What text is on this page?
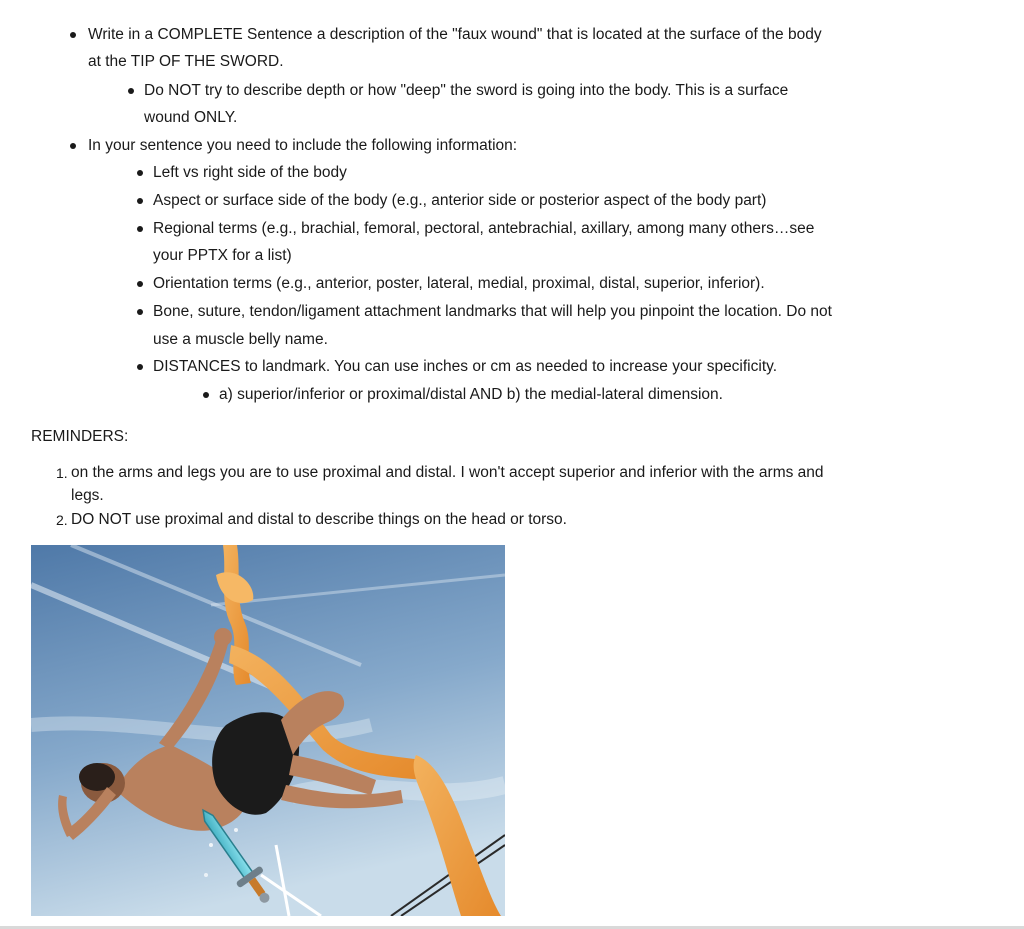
Write in a COMPLETE Sentence a description of the "faux wound" that is located at the surface of the body
at the TIP OF THE SWORD.
Do NOT try to describe depth or how "deep" the sword is going into the body. This is a surface
wound ONLY.
In your sentence you need to include the following information:
Left vs right side of the body
Aspect or surface side of the body (e.g., anterior side or posterior aspect of the body part)
Regional terms (e.g., brachial, femoral, pectoral, antebrachial, axillary, among many others…see
your PPTX for a list)
Orientation terms (e.g., anterior, poster, lateral, medial, proximal, distal, superior, inferior).
Bone, suture, tendon/ligament attachment landmarks that will help you pinpoint the location. Do not
use a muscle belly name.
DISTANCES to landmark. You can use inches or cm as needed to increase your specificity.
a) superior/inferior or proximal/distal AND b) the medial-lateral dimension.
REMINDERS:
1. on the arms and legs you are to use proximal and distal. I won't accept superior and inferior with the arms and
legs.
2. DO NOT use proximal and distal to describe things on the head or torso.
